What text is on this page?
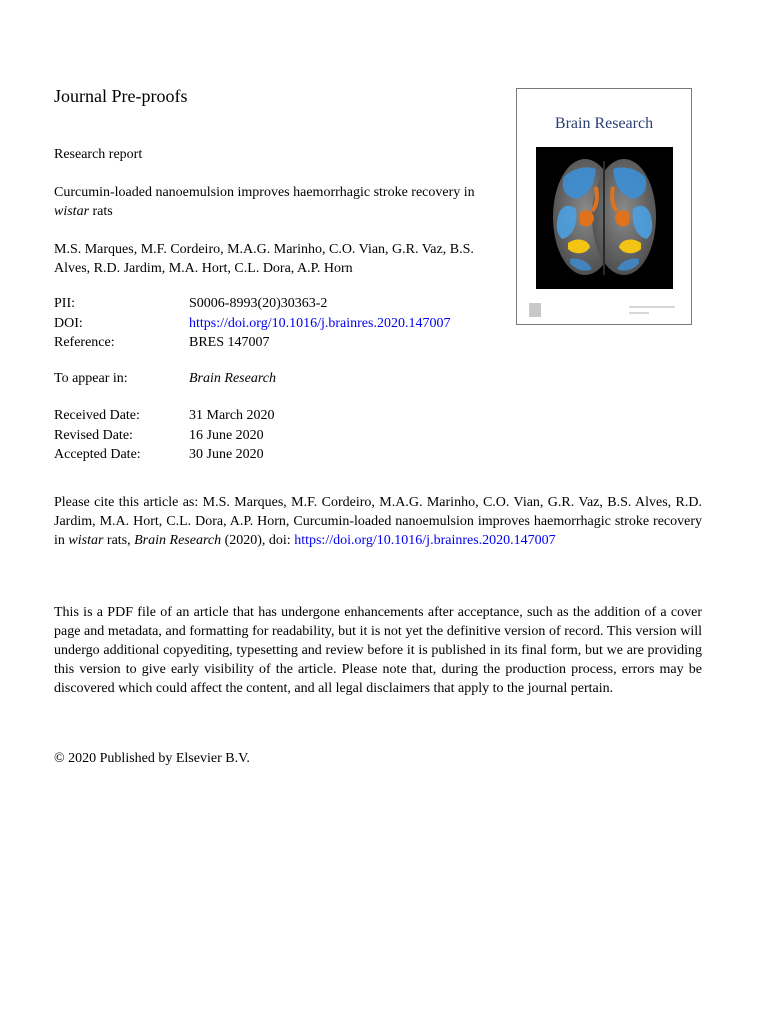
Journal Pre-proofs
Research report
Curcumin-loaded nanoemulsion improves haemorrhagic stroke recovery in
wistar rats
M.S. Marques, M.F. Cordeiro, M.A.G. Marinho, C.O. Vian, G.R. Vaz, B.S. Alves, R.D. Jardim, M.A. Hort, C.L. Dora, A.P. Horn
PII:	S0006-8993(20)30363-2
DOI:	https://doi.org/10.1016/j.brainres.2020.147007
Reference:	BRES 147007
To appear in:	Brain Research
Received Date:	31 March 2020
Revised Date:	16 June 2020
Accepted Date:	30 June 2020
Please cite this article as: M.S. Marques, M.F. Cordeiro, M.A.G. Marinho, C.O. Vian, G.R. Vaz, B.S. Alves, R.D. Jardim, M.A. Hort, C.L. Dora, A.P. Horn, Curcumin-loaded nanoemulsion improves haemorrhagic stroke recovery in wistar rats, Brain Research (2020), doi: https://doi.org/10.1016/j.brainres.2020.147007
This is a PDF file of an article that has undergone enhancements after acceptance, such as the addition of a cover page and metadata, and formatting for readability, but it is not yet the definitive version of record. This version will undergo additional copyediting, typesetting and review before it is published in its final form, but we are providing this version to give early visibility of the article. Please note that, during the production process, errors may be discovered which could affect the content, and all legal disclaimers that apply to the journal pertain.
© 2020 Published by Elsevier B.V.
Brain Research
